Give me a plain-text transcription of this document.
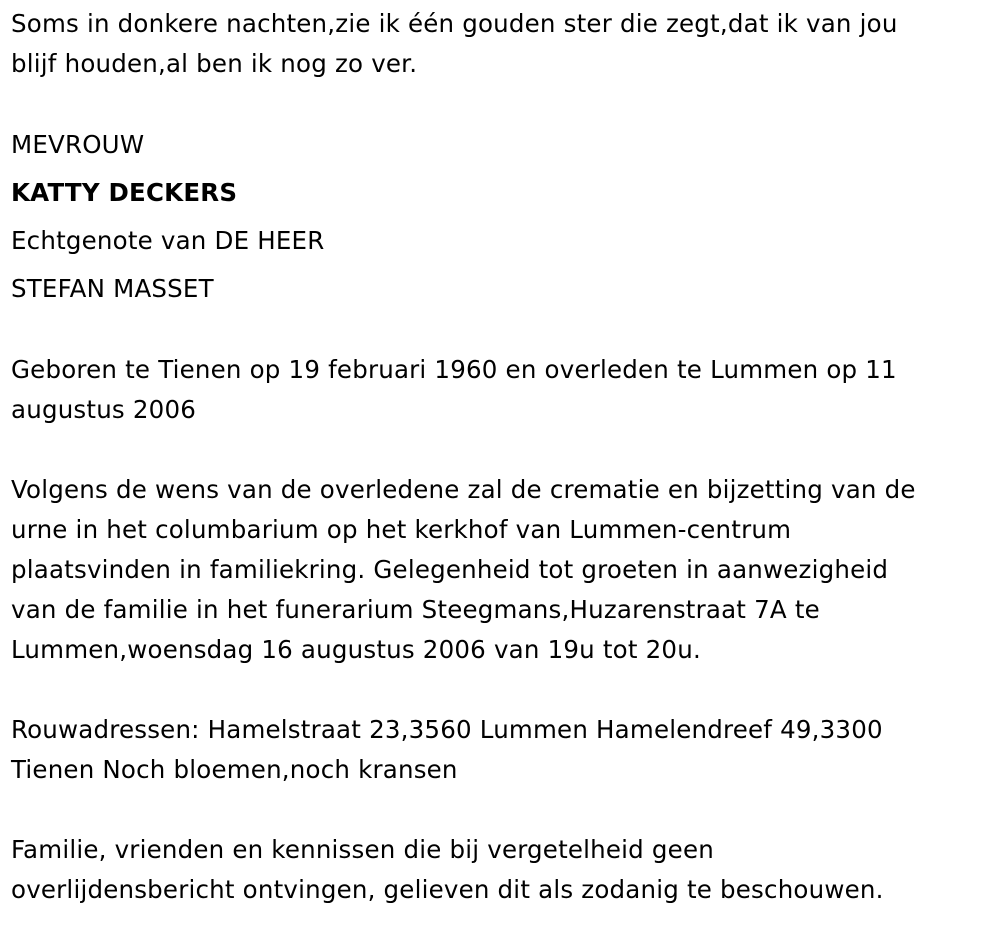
Soms in donkere nachten,zie ik één gouden ster die zegt,dat ik van jou
blijf houden,al ben ik nog zo ver.
MEVROUW
KATTY DECKERS
Echtgenote van DE HEER
STEFAN MASSET
Geboren te Tienen op 19 februari 1960 en overleden te Lummen op 11
augustus 2006
Volgens de wens van de overledene zal de crematie en bijzetting van de
urne in het columbarium op het kerkhof van Lummen-centrum
plaatsvinden in familiekring. Gelegenheid tot groeten in aanwezigheid
van de familie in het funerarium Steegmans,Huzarenstraat 7A te
Lummen,woensdag 16 augustus 2006 van 19u tot 20u.
Rouwadressen: Hamelstraat 23,3560 Lummen Hamelendreef 49,3300
Tienen Noch bloemen,noch kransen
Familie, vrienden en kennissen die bij vergetelheid geen
overlijdensbericht ontvingen, gelieven dit als zodanig te beschouwen.
